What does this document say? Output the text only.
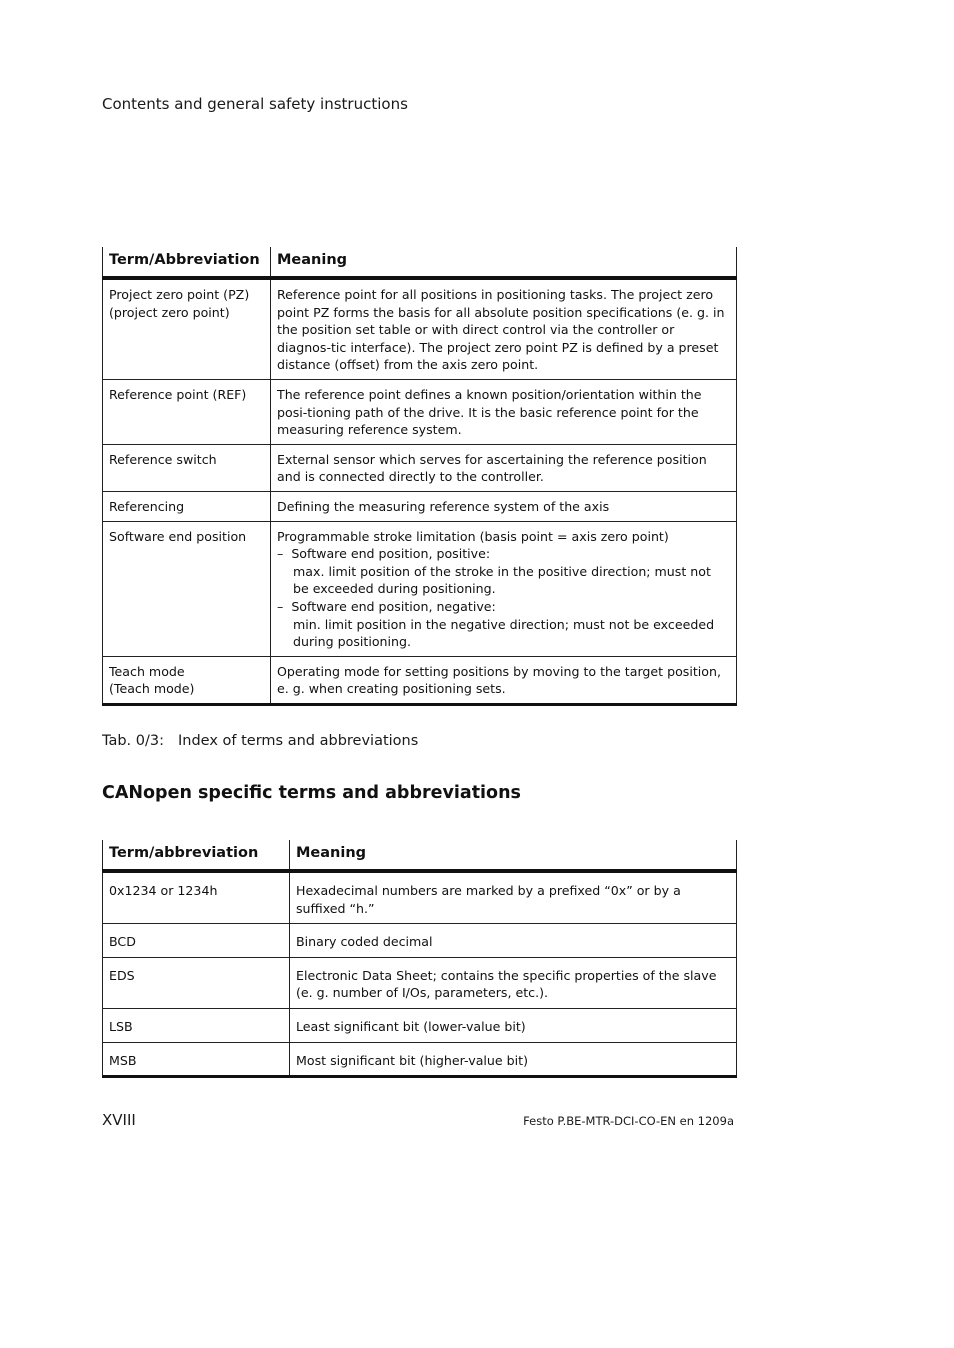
Contents and general safety instructions
Term/Abbreviation	Meaning

Project zero point (PZ)
(project zero point)	Reference point for all positions in positioning tasks. The project zero point PZ forms the basis for all absolute position specifications (e. g. in the position set table or with direct control via the controller or diagnos-tic interface). The project zero point PZ is defined by a preset distance (offset) from the axis zero point.

Reference point (REF)	The reference point defines a known position/orientation within the posi-tioning path of the drive. It is the basic reference point for the measuring reference system.

Reference switch	External sensor which serves for ascertaining the reference position and is connected directly to the controller.

Referencing	Defining the measuring reference system of the axis

Software end position	Programmable stroke limitation (basis point = axis zero point)
–  Software end position, positive:
max. limit position of the stroke in the positive direction; must not be exceeded during positioning.
–  Software end position, negative:
min. limit position in the negative direction; must not be exceeded during positioning.

Teach mode
(Teach mode)	Operating mode for setting positions by moving to the target position, e. g. when creating positioning sets.
Tab. 0/3: Index of terms and abbreviations
CANopen specific terms and abbreviations
Term/abbreviation	Meaning
0x1234 or 1234h	Hexadecimal numbers are marked by a prefixed “0x” or by a suffixed “h.”
BCD	Binary coded decimal
EDS	Electronic Data Sheet; contains the specific properties of the slave (e. g. number of I/Os, parameters, etc.).
LSB	Least significant bit (lower-value bit)
MSB	Most significant bit (higher-value bit)
XVIII	Festo P.BE-MTR-DCI-CO-EN en 1209a
